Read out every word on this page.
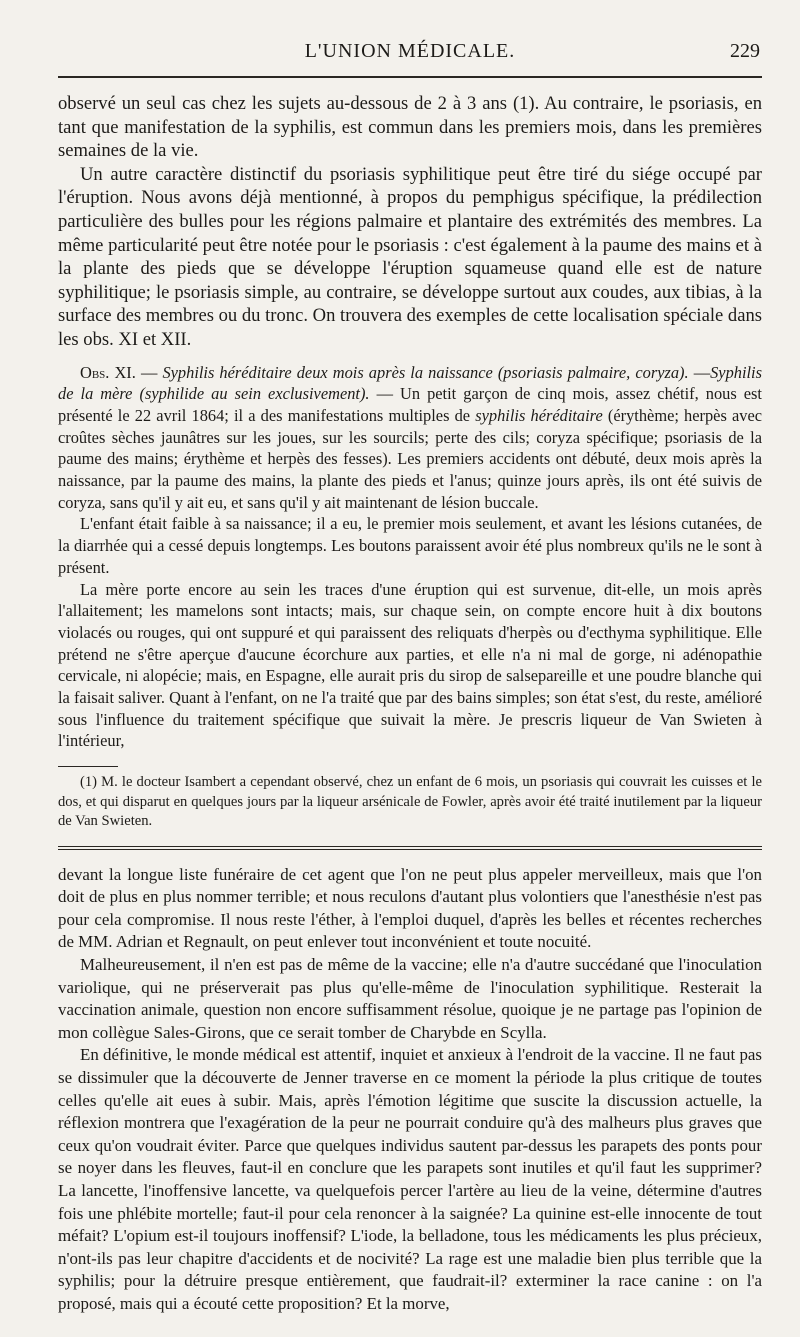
L'UNION MÉDICALE.	229

observé un seul cas chez les sujets au-dessous de 2 à 3 ans (1). Au contraire, le psoriasis, en tant que manifestation de la syphilis, est commun dans les premiers mois, dans les premières semaines de la vie.

Un autre caractère distinctif du psoriasis syphilitique peut être tiré du siége occupé par l'éruption. Nous avons déjà mentionné, à propos du pemphigus spécifique, la prédilection particulière des bulles pour les régions palmaire et plantaire des extrémités des membres. La même particularité peut être notée pour le psoriasis : c'est également à la paume des mains et à la plante des pieds que se développe l'éruption squameuse quand elle est de nature syphilitique; le psoriasis simple, au contraire, se développe surtout aux coudes, aux tibias, à la surface des membres ou du tronc. On trouvera des exemples de cette localisation spéciale dans les obs. XI et XII.

Obs. XI. — Syphilis héréditaire deux mois après la naissance (psoriasis palmaire, coryza). —Syphilis de la mère (syphilide au sein exclusivement). — Un petit garçon de cinq mois, assez chétif, nous est présenté le 22 avril 1864; il a des manifestations multiples de syphilis héréditaire (érythème; herpès avec croûtes sèches jaunâtres sur les joues, sur les sourcils; perte des cils; coryza spécifique; psoriasis de la paume des mains; érythème et herpès des fesses). Les premiers accidents ont débuté, deux mois après la naissance, par la paume des mains, la plante des pieds et l'anus; quinze jours après, ils ont été suivis de coryza, sans qu'il y ait eu, et sans qu'il y ait maintenant de lésion buccale.

L'enfant était faible à sa naissance; il a eu, le premier mois seulement, et avant les lésions cutanées, de la diarrhée qui a cessé depuis longtemps. Les boutons paraissent avoir été plus nombreux qu'ils ne le sont à présent.

La mère porte encore au sein les traces d'une éruption qui est survenue, dit-elle, un mois après l'allaitement; les mamelons sont intacts; mais, sur chaque sein, on compte encore huit à dix boutons violacés ou rouges, qui ont suppuré et qui paraissent des reliquats d'herpès ou d'ecthyma syphilitique. Elle prétend ne s'être aperçue d'aucune écorchure aux parties, et elle n'a ni mal de gorge, ni adénopathie cervicale, ni alopécie; mais, en Espagne, elle aurait pris du sirop de salsepareille et une poudre blanche qui la faisait saliver. Quant à l'enfant, on ne l'a traité que par des bains simples; son état s'est, du reste, amélioré sous l'influence du traitement spécifique que suivait la mère. Je prescris liqueur de Van Swieten à l'intérieur,

(1) M. le docteur Isambert a cependant observé, chez un enfant de 6 mois, un psoriasis qui couvrait les cuisses et le dos, et qui disparut en quelques jours par la liqueur arsénicale de Fowler, après avoir été traité inutilement par la liqueur de Van Swieten.

devant la longue liste funéraire de cet agent que l'on ne peut plus appeler merveilleux, mais que l'on doit de plus en plus nommer terrible; et nous reculons d'autant plus volontiers que l'anesthésie n'est pas pour cela compromise. Il nous reste l'éther, à l'emploi duquel, d'après les belles et récentes recherches de MM. Adrian et Regnault, on peut enlever tout inconvénient et toute nocuité.

Malheureusement, il n'en est pas de même de la vaccine; elle n'a d'autre succédané que l'inoculation variolique, qui ne préserverait pas plus qu'elle-même de l'inoculation syphilitique. Resterait la vaccination animale, question non encore suffisamment résolue, quoique je ne partage pas l'opinion de mon collègue Sales-Girons, que ce serait tomber de Charybde en Scylla.

En définitive, le monde médical est attentif, inquiet et anxieux à l'endroit de la vaccine. Il ne faut pas se dissimuler que la découverte de Jenner traverse en ce moment la période la plus critique de toutes celles qu'elle ait eues à subir. Mais, après l'émotion légitime que suscite la discussion actuelle, la réflexion montrera que l'exagération de la peur ne pourrait conduire qu'à des malheurs plus graves que ceux qu'on voudrait éviter. Parce que quelques individus sautent par-dessus les parapets des ponts pour se noyer dans les fleuves, faut-il en conclure que les parapets sont inutiles et qu'il faut les supprimer? La lancette, l'inoffensive lancette, va quelquefois percer l'artère au lieu de la veine, détermine d'autres fois une phlébite mortelle; faut-il pour cela renoncer à la saignée? La quinine est-elle innocente de tout méfait? L'opium est-il toujours inoffensif? L'iode, la belladone, tous les médicaments les plus précieux, n'ont-ils pas leur chapitre d'accidents et de nocivité? La rage est une maladie bien plus terrible que la syphilis; pour la détruire presque entièrement, que faudrait-il? exterminer la race canine : on l'a proposé, mais qui a écouté cette proposition? Et la morve,
